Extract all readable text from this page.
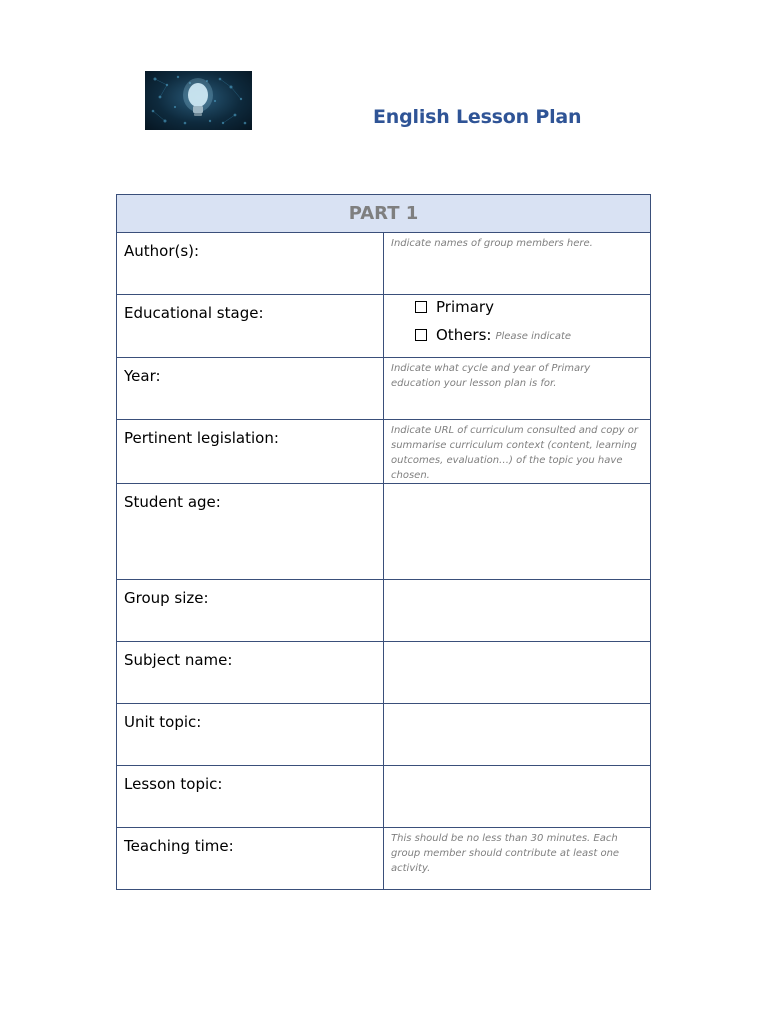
English Lesson Plan
PART 1	
Author(s):	Indicate names of group members here.

Educational stage:	Primary
Others: Please indicate

Year:	Indicate what cycle and year of Primary education your lesson plan is for.

Pertinent legislation:	Indicate URL of curriculum consulted and copy or summarise curriculum context (content, learning outcomes, evaluation…) of the topic you have chosen.

Student age:	
Group size:	
Subject name:	
Unit topic:	
Lesson topic:	
Teaching time:	This should be no less than 30 minutes. Each group member should contribute at least one activity.
